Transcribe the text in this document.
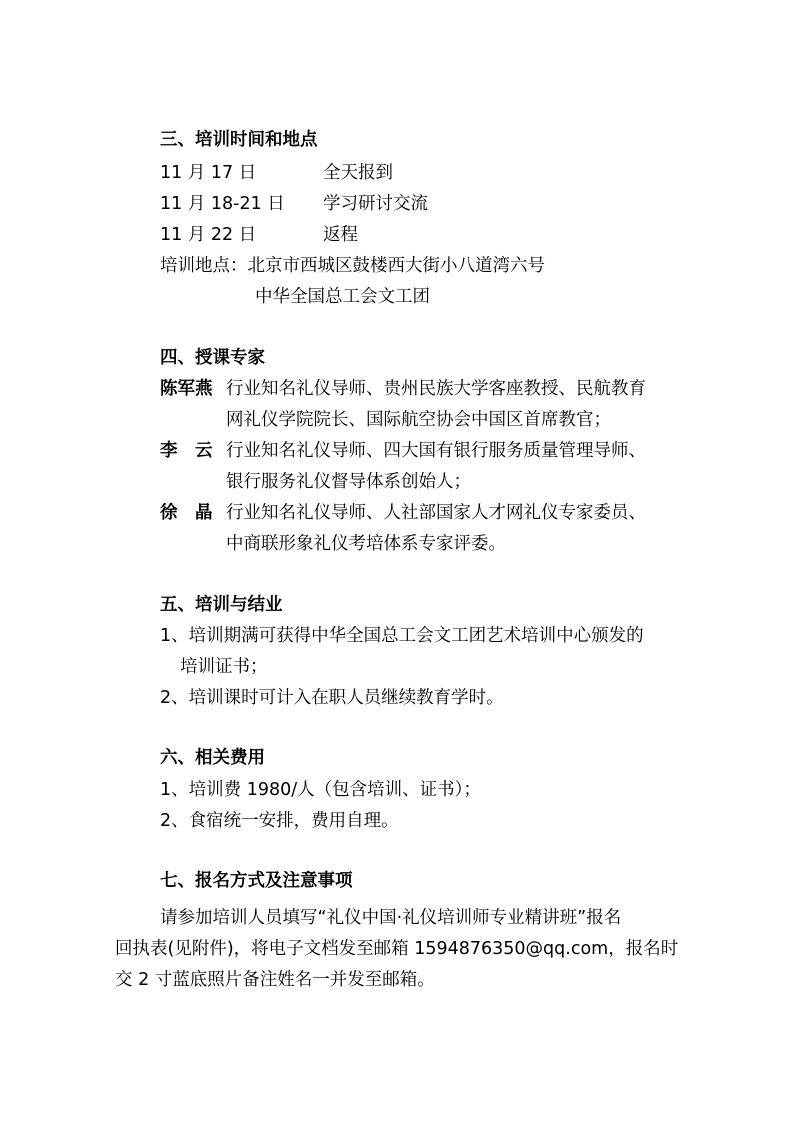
三、培训时间和地点
11 月 17 日	全天报到
11 月 18-21 日 学习研讨交流
11 月 22 日	返程
培训地点：北京市西城区鼓楼西大街小八道湾六号
中华全国总工会文工团
四、授课专家
陈军燕 行业知名礼仪导师、贵州民族大学客座教授、民航教育
网礼仪学院院长、国际航空协会中国区首席教官；
李　云 行业知名礼仪导师、四大国有银行服务质量管理导师、
银行服务礼仪督导体系创始人；
徐　晶 行业知名礼仪导师、人社部国家人才网礼仪专家委员、
中商联形象礼仪考培体系专家评委。
五、培训与结业
1、培训期满可获得中华全国总工会文工团艺术培训中心颁发的
培训证书；
2、培训课时可计入在职人员继续教育学时。
六、相关费用
1、培训费 1980/人（包含培训、证书）；
2、食宿统一安排，费用自理。
七、报名方式及注意事项
请参加培训人员填写“礼仪中国·礼仪培训师专业精讲班”报名
回执表(见附件)，将电子文档发至邮箱 1594876350@qq.com，报名时
交 2 寸蓝底照片备注姓名一并发至邮箱。
